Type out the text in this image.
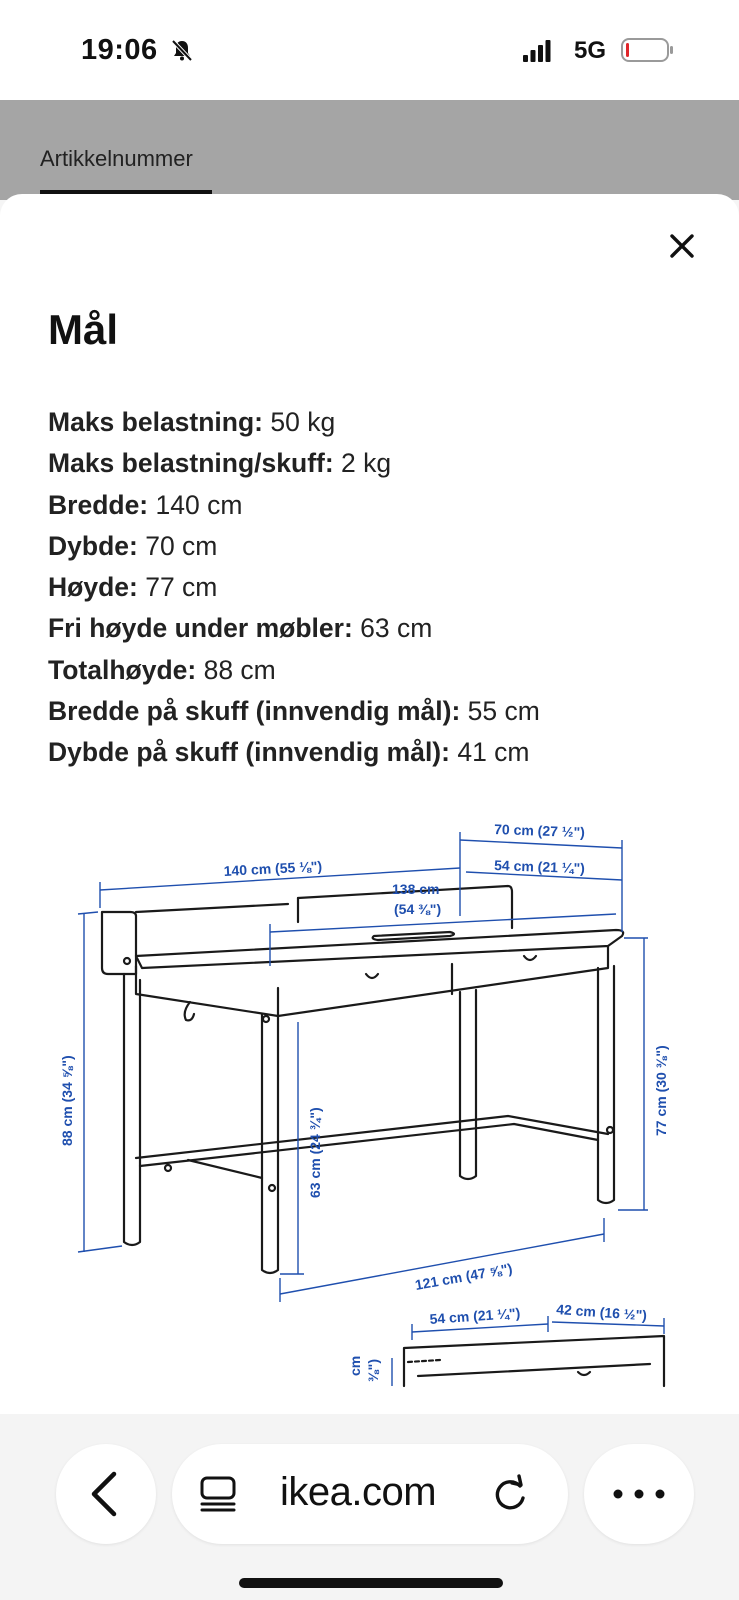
19:06	5G
Artikkelnummer
Mål
Maks belastning: 50 kg
Maks belastning/skuff: 2 kg
Bredde: 140 cm
Dybde: 70 cm
Høyde: 77 cm
Fri høyde under møbler: 63 cm
Totalhøyde: 88 cm
Bredde på skuff (innvendig mål): 55 cm
Dybde på skuff (innvendig mål): 41 cm
70 cm (27 ½")
54 cm (21 ¼")
140 cm (55 ⅛")
138 cm
(54 ⅜")
88 cm (34 ⅝")	77 cm (30 ⅜")
63 cm (24 ¾")
121 cm (47 ⅝")
54 cm (21 ¼")	42 cm (16 ½")
cm ⅜")
ikea.com
